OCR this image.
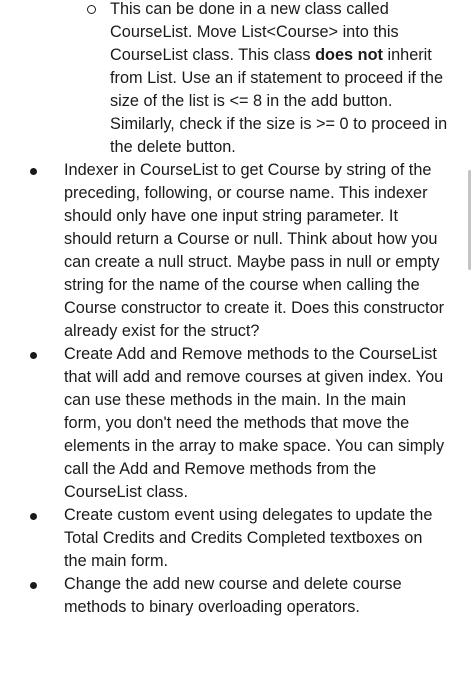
This can be done in a new class called CourseList. Move List<Course> into this CourseList class. This class does not inherit from List. Use an if statement to proceed if the size of the list is <= 8 in the add button. Similarly, check if the size is >= 0 to proceed in the delete button.
Indexer in CourseList to get Course by string of the preceding, following, or course name. This indexer should only have one input string parameter. It should return a Course or null. Think about how you can create a null struct. Maybe pass in null or empty string for the name of the course when calling the Course constructor to create it. Does this constructor already exist for the struct?
Create Add and Remove methods to the CourseList that will add and remove courses at given index. You can use these methods in the main. In the main form, you don't need the methods that move the elements in the array to make space. You can simply call the Add and Remove methods from the CourseList class.
Create custom event using delegates to update the Total Credits and Credits Completed textboxes on the main form.
Change the add new course and delete course methods to binary overloading operators.
